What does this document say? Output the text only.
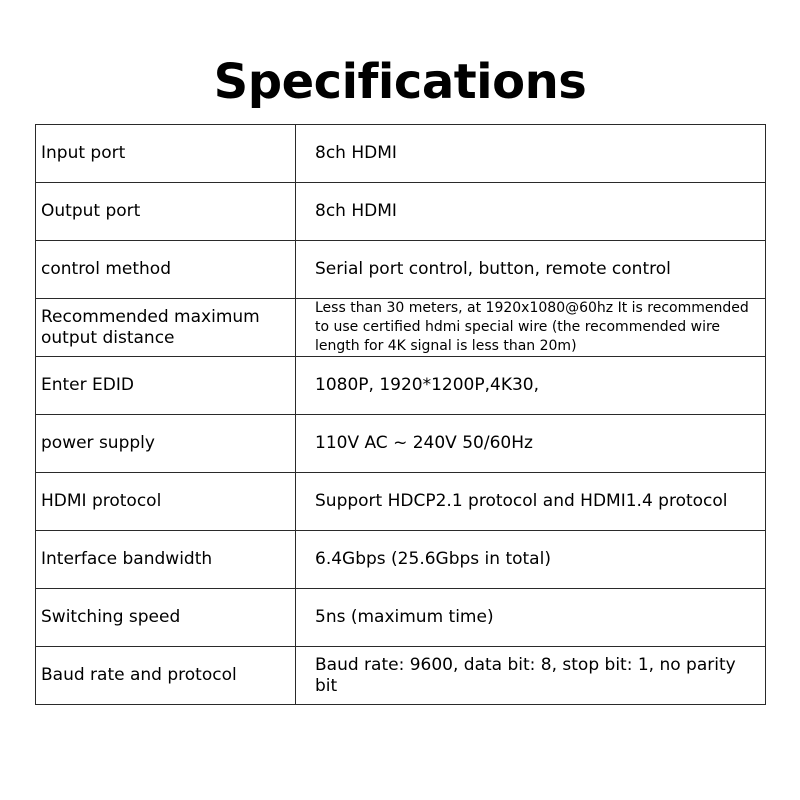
Specifications
Input port	8ch HDMI
Output port	8ch HDMI
control method	Serial port control, button, remote control
Recommended maximum output distance	Less than 30 meters, at 1920x1080@60hz It is recommended to use certified hdmi special wire (the recommended wire length for 4K signal is less than 20m)
Enter EDID	1080P, 1920*1200P,4K30,
power supply	110V AC ~ 240V 50/60Hz
HDMI protocol	Support HDCP2.1 protocol and HDMI1.4 protocol
Interface bandwidth	6.4Gbps (25.6Gbps in total)
Switching speed	5ns (maximum time)
Baud rate and protocol	Baud rate: 9600, data bit: 8, stop bit: 1, no parity bit
